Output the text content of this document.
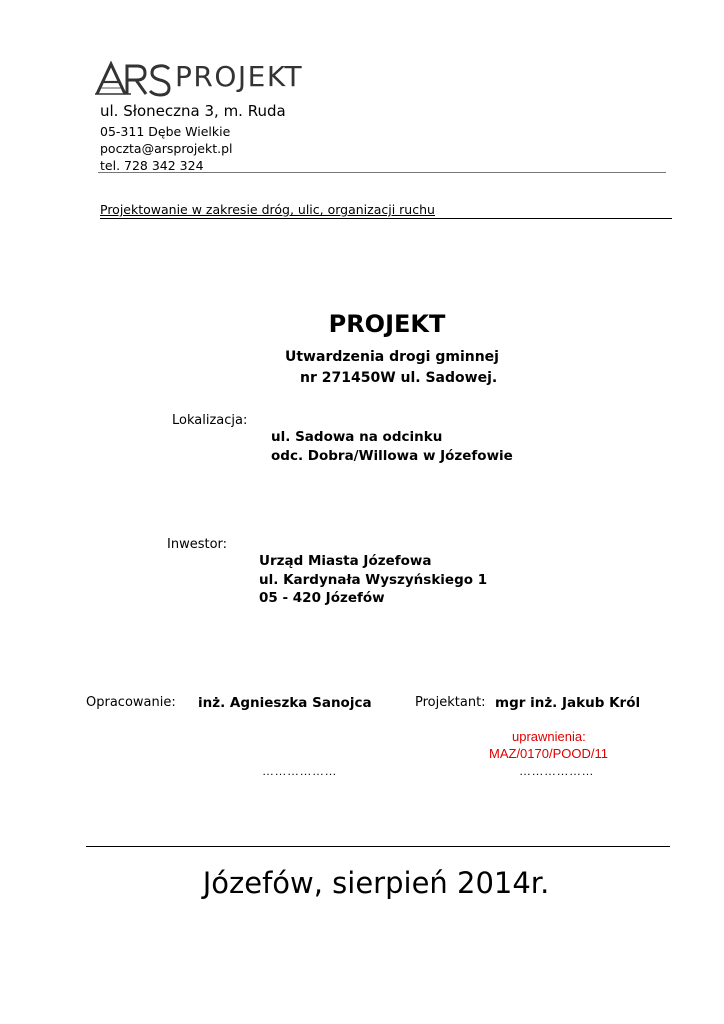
PROJEKT
ul. Słoneczna 3, m. Ruda
05-311 Dębe Wielkie
poczta@arsprojekt.pl
tel. 728 342 324
Projektowanie w zakresie dróg, ulic, organizacji ruchu
PROJEKT
Utwardzenia drogi gminnej
nr 271450W ul. Sadowej.
Lokalizacja:
ul. Sadowa na odcinku
odc. Dobra/Willowa w Józefowie
Inwestor:
Urząd Miasta Józefowa
ul. Kardynała Wyszyńskiego 1
05 - 420 Józefów
Opracowanie: inż. Agnieszka Sanojca	Projektant: mgr inż. Jakub Król
uprawnienia:
MAZ/0170/POOD/11
………………	………………
Józefów, sierpień 2014r.
